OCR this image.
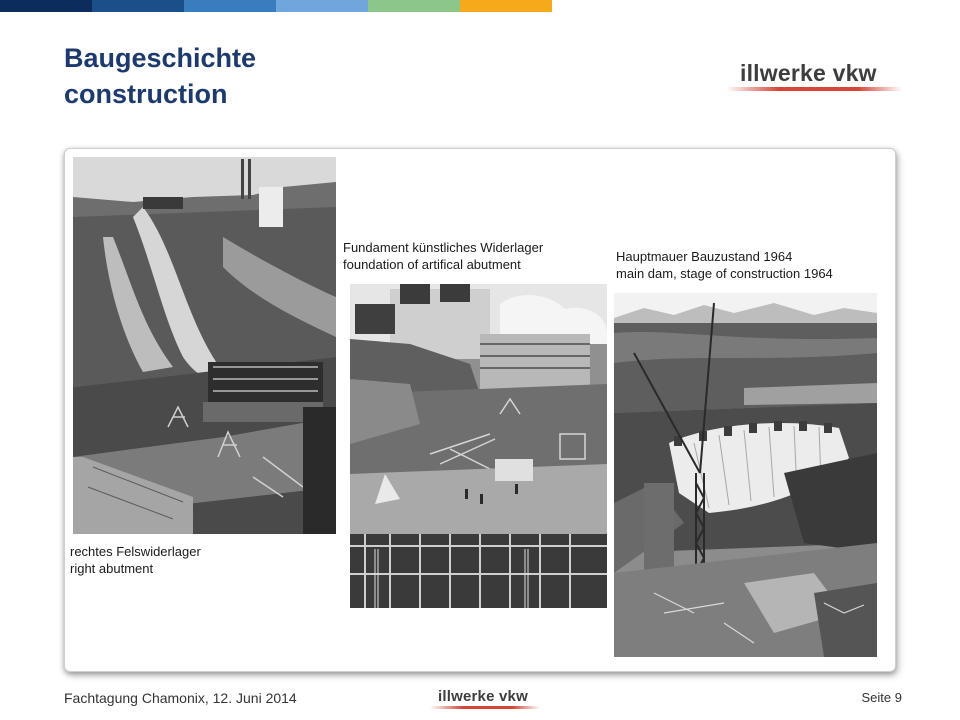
Baugeschichte
construction
illwerke vkw
rechtes Felswiderlager
right abutment
Fundament künstliches Widerlager
foundation of artifical abutment
Hauptmauer Bauzustand 1964
main dam, stage of construction 1964
Fachtagung Chamonix, 12. Juni 2014	illwerke vkw	Seite 9
